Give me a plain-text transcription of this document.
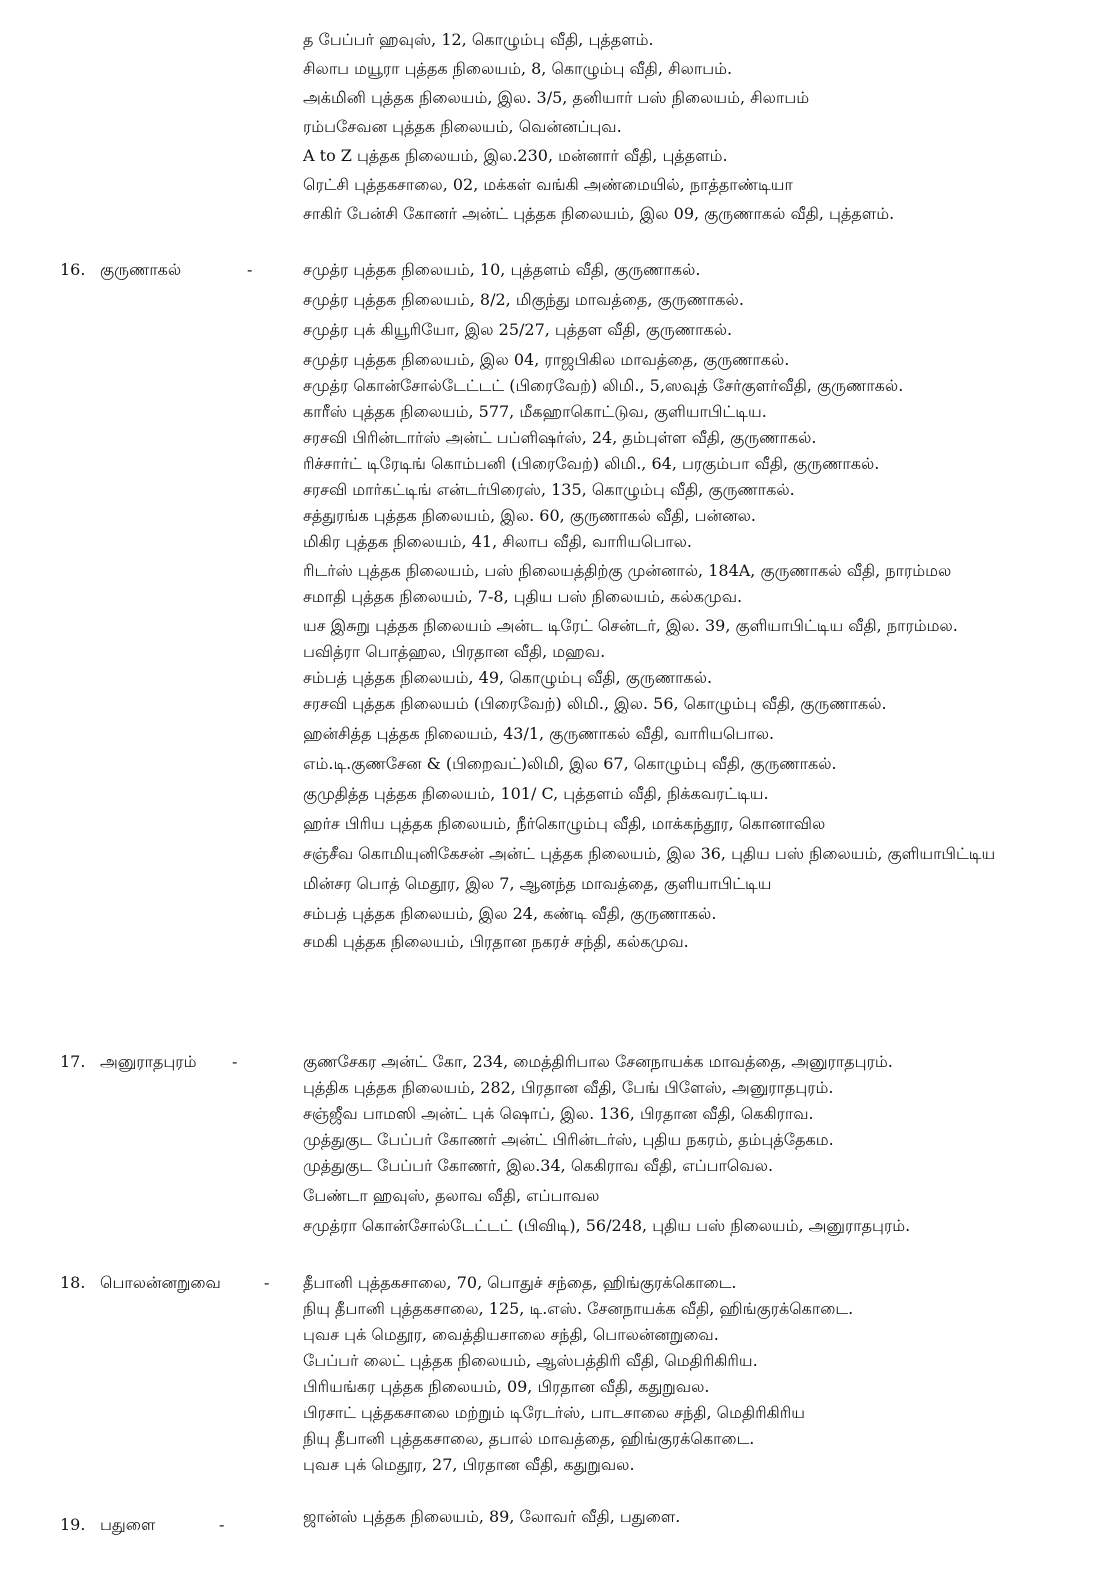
த பேப்பர் ஹவுஸ், 12, கொழும்பு வீதி, புத்தளம்.
சிலாப மயூரா புத்தக நிலையம், 8, கொழும்பு வீதி, சிலாபம்.
அக்மினி புத்தக நிலையம், இல. 3/5, தனியார் பஸ் நிலையம், சிலாபம்
ரம்பசேவன புத்தக நிலையம், வென்னப்புவ.
A to Z புத்தக நிலையம், இல.230, மன்னார் வீதி, புத்தளம்.
ரெட்சி புத்தகசாலை, 02, மக்கள் வங்கி அண்மையில், நாத்தாண்டியா
சாகிர் பேன்சி கோனர் அன்ட் புத்தக நிலையம், இல 09, குருணாகல் வீதி, புத்தளம்.
16. குருணாகல்	-	சமுத்ர புத்தக நிலையம், 10, புத்தளம் வீதி, குருணாகல்.
சமுத்ர புத்தக நிலையம், 8/2, மிகுந்து மாவத்தை, குருணாகல்.
சமுத்ர புக் கியூரியோ, இல 25/27, புத்தள வீதி, குருணாகல்.
சமுத்ர புத்தக நிலையம், இல 04, ராஜபிகில மாவத்தை, குருணாகல்.
சமுத்ர கொன்சோல்டேட்டட் (பிரைவேற்) லிமி., 5,ஸவுத் சேர்குளர்வீதி, குருணாகல்.
காரீஸ் புத்தக நிலையம், 577, மீகஹாகொட்டுவ, குளியாபிட்டிய.
சரசவி பிரின்டார்ஸ் அன்ட் பப்ளிஷர்ஸ், 24, தம்புள்ள வீதி, குருணாகல்.
ரிச்சார்ட் டிரேடிங் கொம்பனி (பிரைவேற்) லிமி., 64, பரகும்பா வீதி, குருணாகல்.
சரசவி மார்கட்டிங் என்டர்பிரைஸ், 135, கொழும்பு வீதி, குருணாகல்.
சத்துரங்க புத்தக நிலையம், இல. 60, குருணாகல் வீதி, பன்னல.
மிகிர புத்தக நிலையம், 41, சிலாப வீதி, வாரியபொல.
ரிடர்ஸ் புத்தக நிலையம், பஸ் நிலையத்திற்கு முன்னால், 184A, குருணாகல் வீதி, நாரம்மல
சமாதி புத்தக நிலையம், 7-8, புதிய பஸ் நிலையம், கல்கமுவ.
யச இசுறு புத்தக நிலையம் அன்ட டிரேட் சென்டர், இல. 39, குளியாபிட்டிய வீதி, நாரம்மல.
பவித்ரா பொத்ஹல, பிரதான வீதி, மஹவ.
சம்பத் புத்தக நிலையம், 49, கொழும்பு வீதி, குருணாகல்.
சரசவி புத்தக நிலையம் (பிரைவேற்) லிமி., இல. 56, கொழும்பு வீதி, குருணாகல்.
ஹன்சித்த புத்தக நிலையம், 43/1, குருணாகல் வீதி, வாரியபொல.
எம்.டி.குணசேன & (பிறைவட்)லிமி, இல 67, கொழும்பு வீதி, குருணாகல்.
குமுதித்த புத்தக நிலையம், 101/ C, புத்தளம் வீதி, நிக்கவரட்டிய.
ஹர்ச பிரிய புத்தக நிலையம், நீர்கொழும்பு வீதி, மாக்கந்தூர, கொனாவில
சஞ்சீவ கொமியுனிகேசன் அன்ட் புத்தக நிலையம், இல 36, புதிய பஸ் நிலையம், குளியாபிட்டிய
மின்சர பொத் மெதூர, இல 7, ஆனந்த மாவத்தை, குளியாபிட்டிய
சம்பத் புத்தக நிலையம், இல 24, கண்டி வீதி, குருணாகல்.
சமகி புத்தக நிலையம், பிரதான நகரச் சந்தி, கல்கமுவ.
17. அனுராதபுரம் -	குணசேகர அன்ட் கோ, 234, மைத்திரிபால சேனநாயக்க மாவத்தை, அனுராதபுரம்.
புத்திக புத்தக நிலையம், 282, பிரதான வீதி, பேங் பிளேஸ், அனுராதபுரம்.
சஞ்ஜீவ பாமஸி அன்ட் புக் ஷொப், இல. 136, பிரதான வீதி, கெகிராவ.
முத்துகுட பேப்பர் கோணர் அன்ட் பிரின்டர்ஸ், புதிய நகரம், தம்புத்தேகம.
முத்துகுட பேப்பர் கோணர், இல.34, கெகிராவ வீதி, எப்பாவெல.
பேண்டா ஹவுஸ், தலாவ வீதி, எப்பாவல
சமுத்ரா கொன்சோல்டேட்டட் (பிவிடி), 56/248, புதிய பஸ் நிலையம், அனுராதபுரம்.
18. பொலன்னறுவை	- தீபானி புத்தகசாலை, 70, பொதுச் சந்தை, ஹிங்குரக்கொடை.
நியு தீபானி புத்தகசாலை, 125, டி.எஸ். சேனநாயக்க வீதி, ஹிங்குரக்கொடை.
புவச புக் மெதூர, வைத்தியசாலை சந்தி, பொலன்னறுவை.
பேப்பர் லைட் புத்தக நிலையம், ஆஸ்பத்திரி வீதி, மெதிரிகிரிய.
பிரியங்கர புத்தக நிலையம், 09, பிரதான வீதி, கதுறுவல.
பிரசாட் புத்தகசாலை மற்றும் டிரேடர்ஸ், பாடசாலை சந்தி, மெதிரிகிரிய
நியு தீபானி புத்தகசாலை, தபால் மாவத்தை, ஹிங்குரக்கொடை.
புவச புக் மெதூர, 27, பிரதான வீதி, கதுறுவல.
19. பதுளை	-	ஜான்ஸ் புத்தக நிலையம், 89, லோவர் வீதி, பதுளை.
